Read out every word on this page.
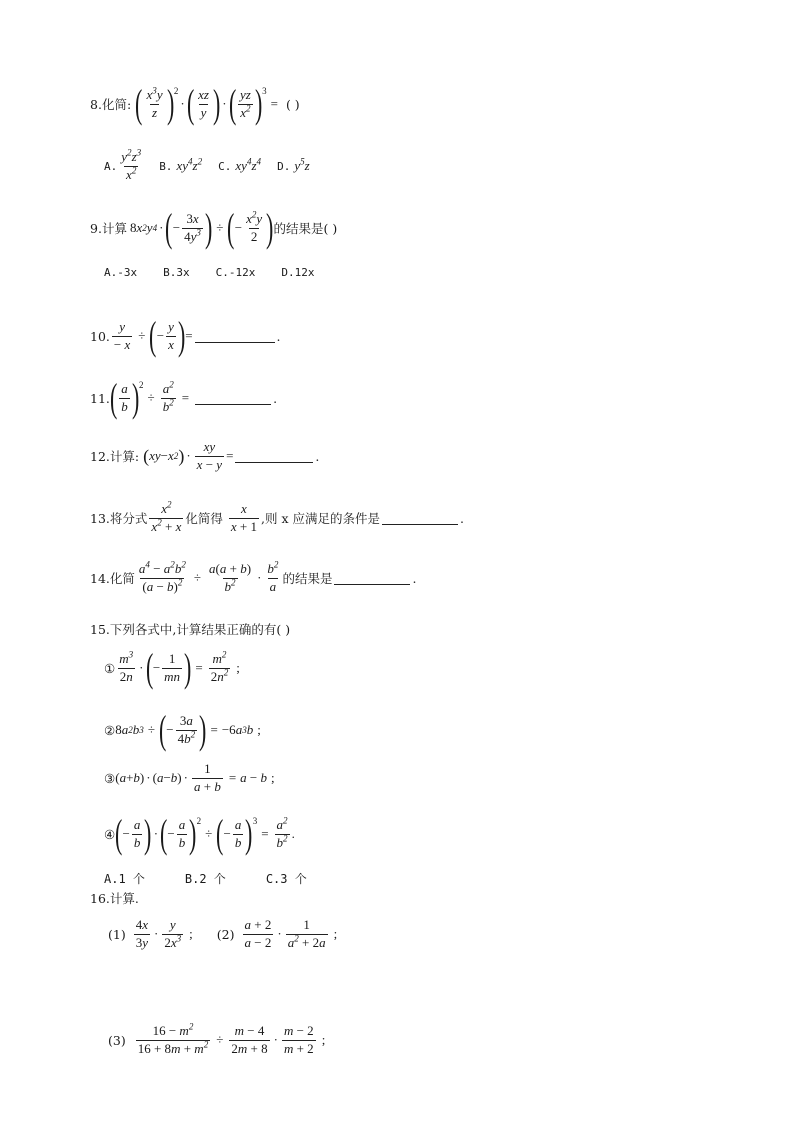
8. 化简: ( $\frac{x^3y}{z}$ ) 2
· ( $\frac{xz}{y}$ ) · ( $\frac{yz}{x^2}$ ) 3
= ( )
A. $\frac{y^2z^3}{x^2} B$. $xy^4z^2$ C. $xy^4z^4$ D. $y^5z$
9. 计算 8 x 2 y 4 · ( − $\frac{3x}{4y^3}$ ) ÷ ( − $\frac{x^2y}{2}$ ) 的结果是( )
A.-3x B.3x C.-12x D.12x
10. $\frac{y}{- x}$ ÷ ( − $\frac{y}{x}$ ) =	.
11. ( $\frac{a}{b}$ ) 2
÷ $\frac{a^2}{b^2}$ =	.
12. 计算: ( xy − x 2 ) · $\frac{xy}{x - y}$ =	.
13. 将分式 $\frac{x^2}{x^2 + x}$ 化简得 $\frac{x}{x + 1}$ ,则 x 应满足的条件是	.
14. 化简 $\frac{a^4 - a^2b^2}{(a - b)^2} \div \frac{a(a + b)}{b^2} \cdot \frac{b^2}{a}$ 的结果是	.
15.下列各式中,计算结果正确的有( )
① $\frac{m^3}{2n}$ · ( − $\frac{1}{mn}$ ) = $\frac{m^2}{2n^2}$ ;
② 8 a 2 b 3 ÷ ( − $\frac{3a}{4b^2}$ ) = −6 a 3 b ;
③ ( a + b ) · ( a − b ) · $\frac{1}{a + b} = a - b$ ;
④ ( − $\frac{a}{b}$ ) · ( − $\frac{a}{b}$ ) 2
÷ ( − $\frac{a}{b}$ ) 3
= $\frac{a^2}{b^2}$ .
A.1 个	B.2 个	C.3 个
16.计算.
$(1) \frac{4x}{3y} \cdot \frac{y}{2x^3}$ ; $(2) \frac{a + 2}{a - 2} \cdot \frac{1}{a^2 + 2a}$ ;
$(3) \frac{16 - m^2}{16 + 8m + m^2} \div \frac{m - 4}{2m + 8} \cdot \frac{m - 2}{m + 2}$ ;
